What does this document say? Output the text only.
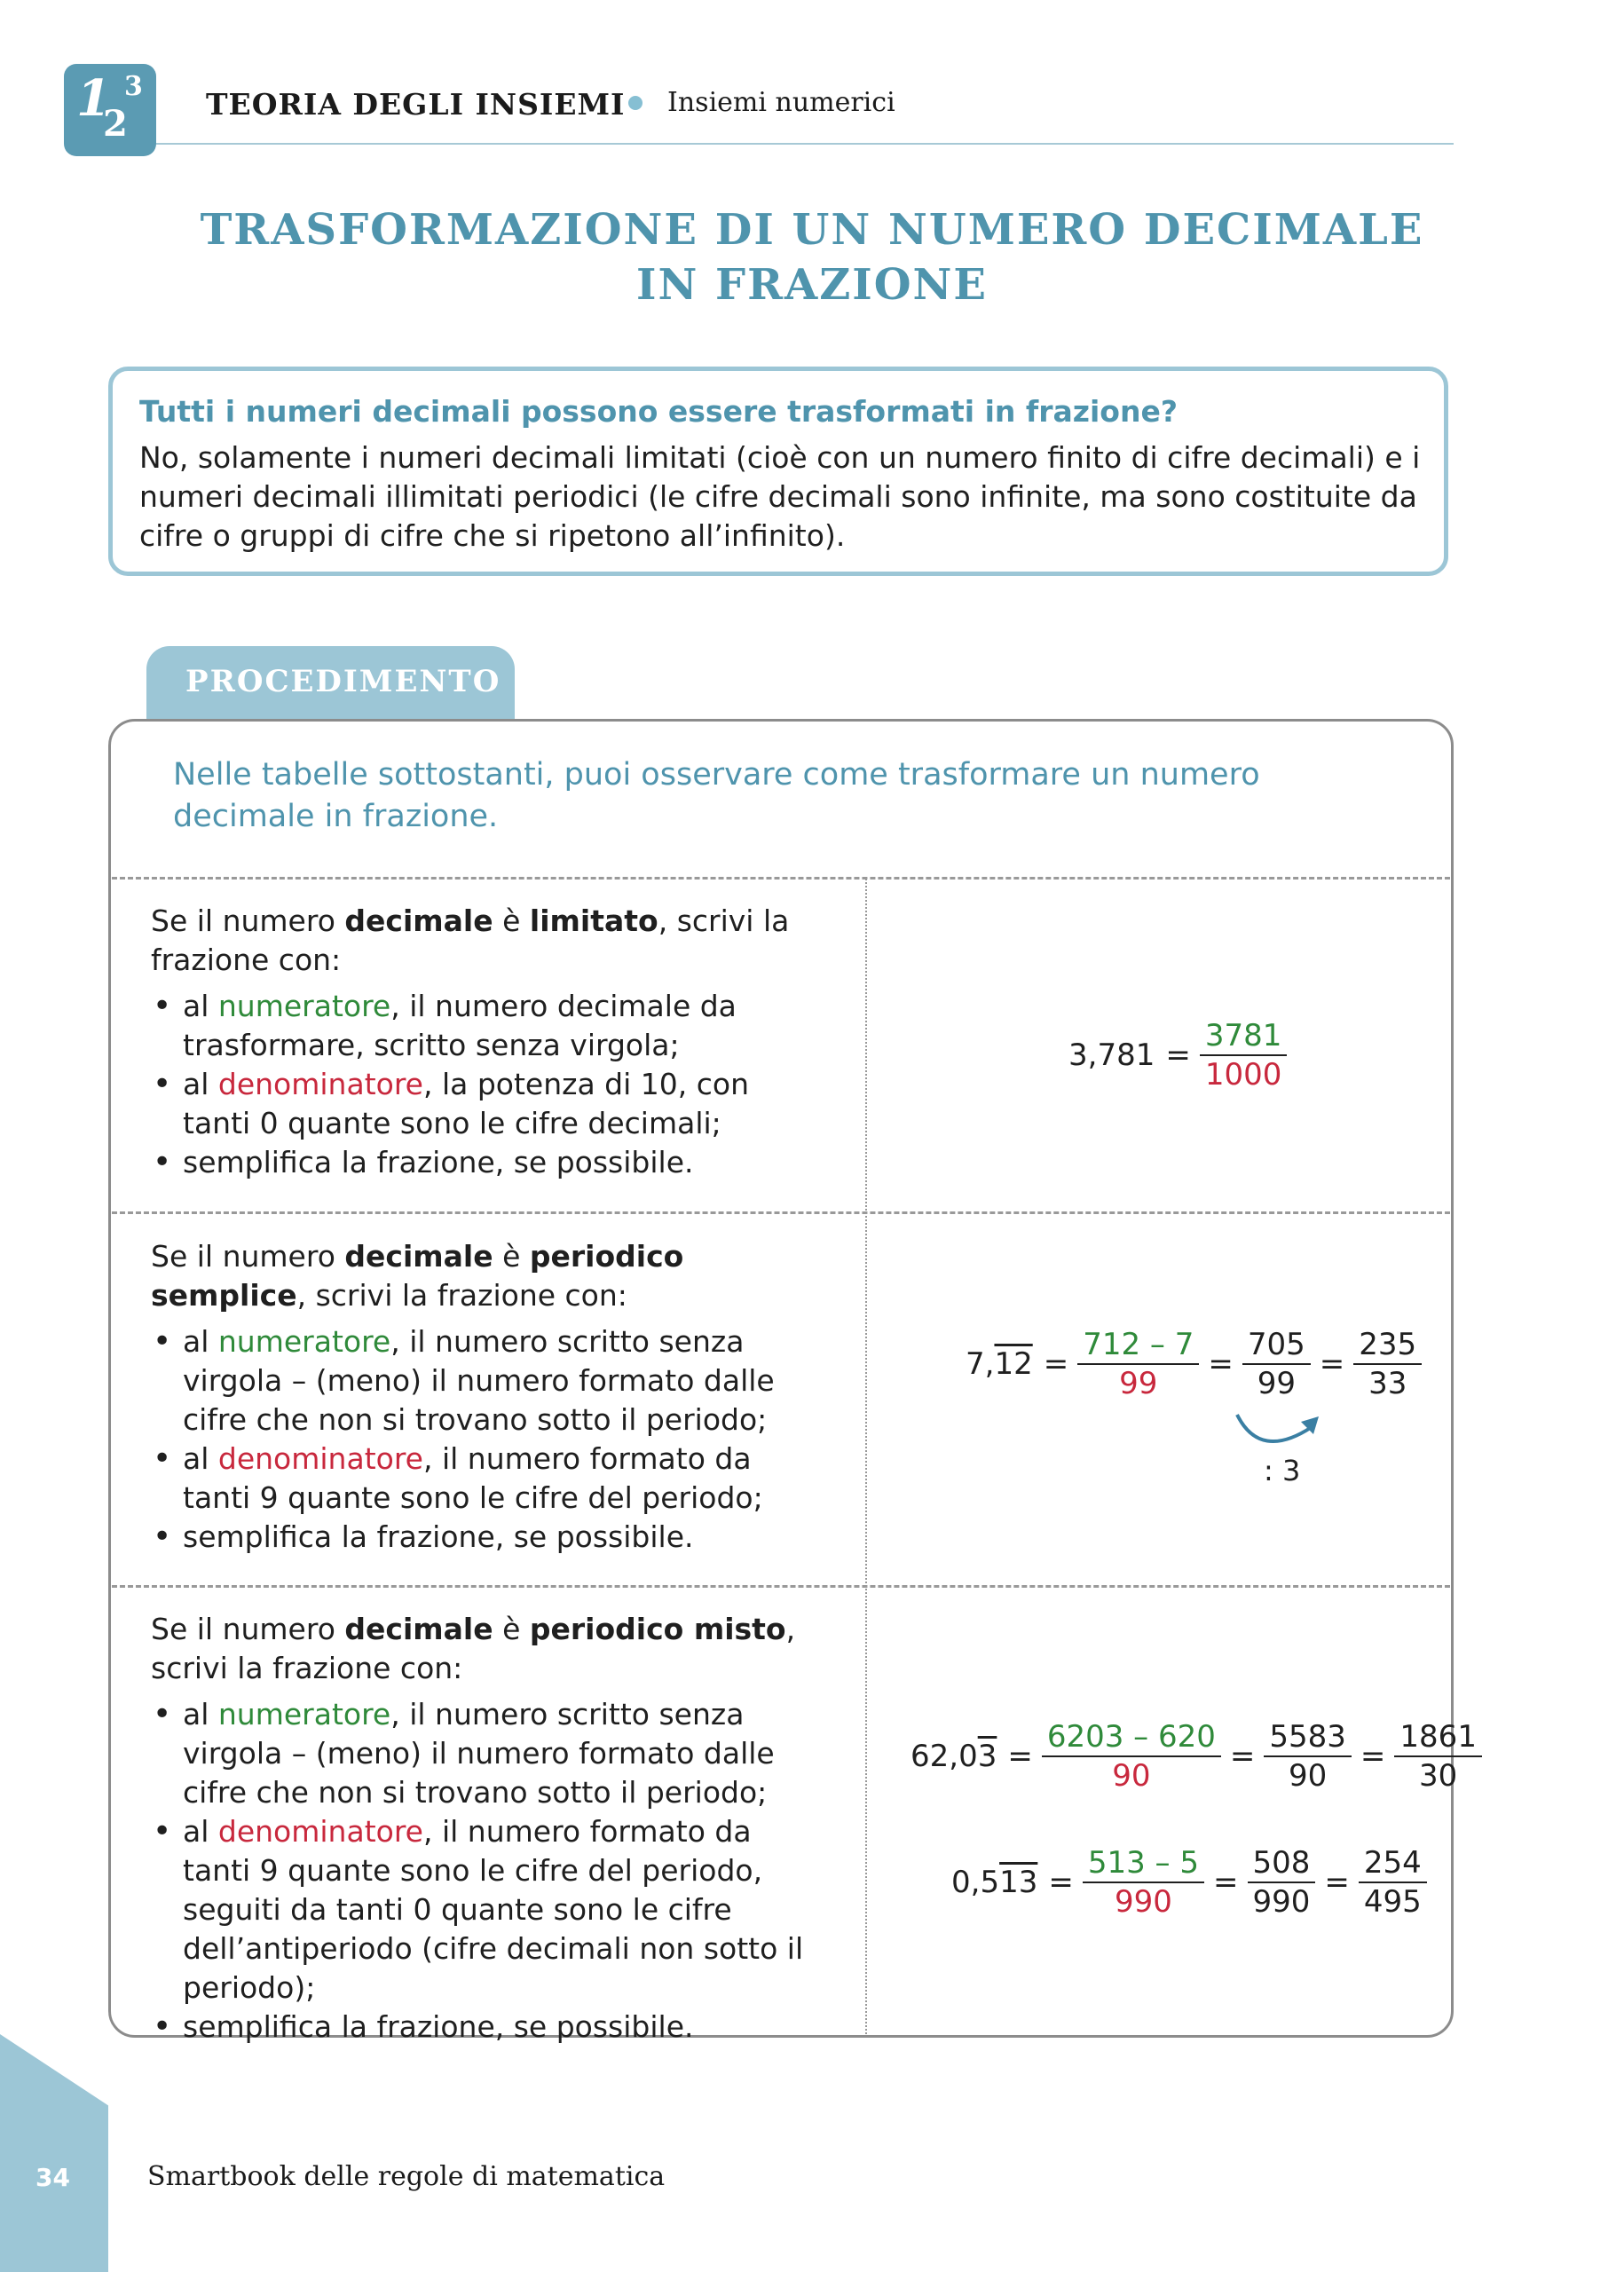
1
2
3
TEORIA DEGLI INSIEMI Insiemi numerici
TRASFORMAZIONE DI UN NUMERO DECIMALE
IN FRAZIONE
Tutti i numeri decimali possono essere trasformati in frazione?
No, solamente i numeri decimali limitati (cioè con un numero finito di cifre decimali) e i numeri decimali illimitati periodici (le cifre decimali sono infinite, ma sono costituite da cifre o gruppi di cifre che si ripetono all’infinito).
PROCEDIMENTO
Nelle tabelle sottostanti, puoi osservare come trasformare un numero decimale in frazione.

Se il numero decimale è limitato, scrivi la frazione con:

• al numeratore, il numero decimale da trasformare, scritto senza virgola;
• al denominatore, la potenza di 10, con tanti 0 quante sono le cifre decimali;
• semplifica la frazione, se possibile.

Se il numero decimale è periodico semplice, scrivi la frazione con:

• al numeratore, il numero scritto senza virgola – (meno) il numero formato dalle cifre che non si trovano sotto il periodo;
• al denominatore, il numero formato da tanti 9 quante sono le cifre del periodo;
• semplifica la frazione, se possibile.

Se il numero decimale è periodico misto, scrivi la frazione con:

• al numeratore, il numero scritto senza virgola – (meno) il numero formato dalle cifre che non si trovano sotto il periodo;
• al denominatore, il numero formato da tanti 9 quante sono le cifre del periodo, seguiti da tanti 0 quante sono le cifre dell’antiperiodo (cifre decimali non sotto il periodo);
• semplifica la frazione, se possibile.
$3,781 = \frac{3781}{1000}$
$7,12 = \frac{712 - 7}{99} = \frac{705}{99} = \frac{235}{33}$
: 3
$62,03 = \frac{6203 - 620}{90} = \frac{5583}{90} = \frac{1861}{30}$
$0,513 = \frac{513 - 5}{990} = \frac{508}{990} = \frac{254}{495}$
34	Smartbook delle regole di matematica
